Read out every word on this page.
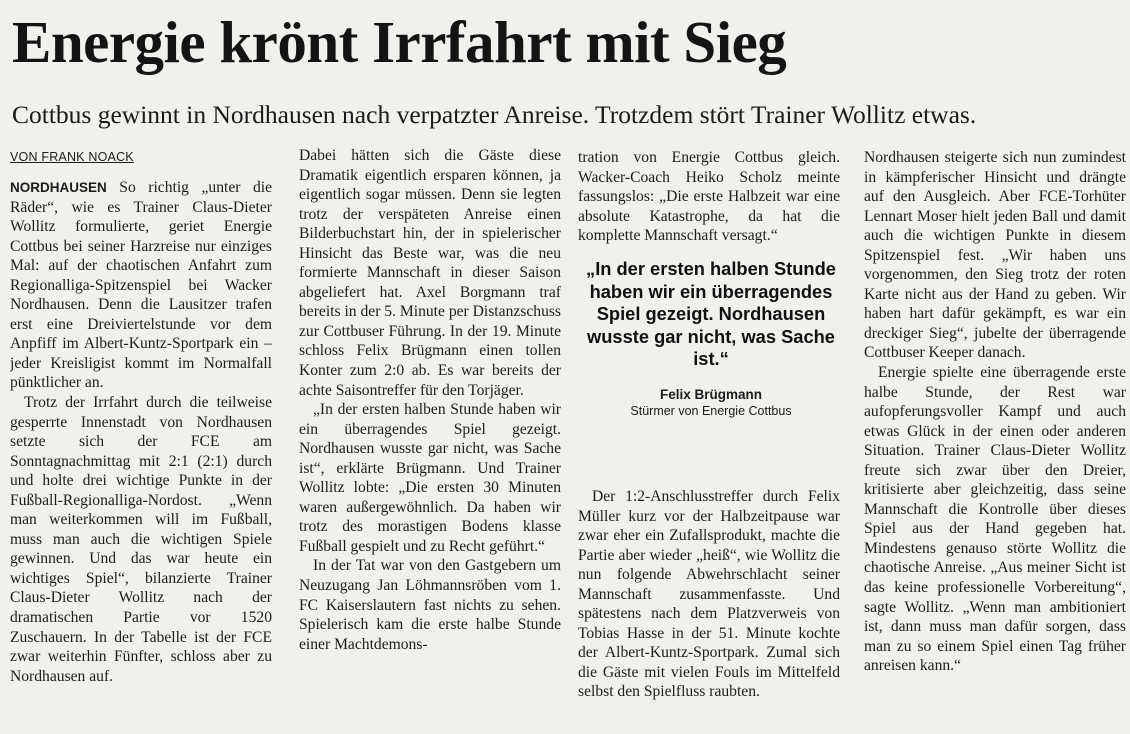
Energie krönt Irrfahrt mit Sieg
Cottbus gewinnt in Nordhausen nach verpatzter Anreise. Trotzdem stört Trainer Wollitz etwas.
VON FRANK NOACK

NORDHAUSEN So richtig „unter die Räder“, wie es Trainer Claus-Dieter Wollitz formulierte, geriet Energie Cottbus bei seiner Harzreise nur einziges Mal: auf der chaotischen Anfahrt zum Regionalliga-Spitzenspiel bei Wacker Nordhausen. Denn die Lausitzer trafen erst eine Dreiviertelstunde vor dem Anpfiff im Albert-Kuntz-Sportpark ein – jeder Kreisligist kommt im Normalfall pünktlicher an.

Trotz der Irrfahrt durch die teilweise gesperrte Innenstadt von Nordhausen setzte sich der FCE am Sonntagnachmittag mit 2:1 (2:1) durch und holte drei wichtige Punkte in der Fußball-Regionalliga-Nordost. „Wenn man weiterkommen will im Fußball, muss man auch die wichtigen Spiele gewinnen. Und das war heute ein wichtiges Spiel“, bilanzierte Trainer Claus-Dieter Wollitz nach der dramatischen Partie vor 1520 Zuschauern. In der Tabelle ist der FCE zwar weiterhin Fünfter, schloss aber zu Nordhausen auf.

Dabei hätten sich die Gäste diese Dramatik eigentlich ersparen können, ja eigentlich sogar müssen. Denn sie legten trotz der verspäteten Anreise einen Bilderbuchstart hin, der in spielerischer Hinsicht das Beste war, was die neu formierte Mannschaft in dieser Saison abgeliefert hat. Axel Borgmann traf bereits in der 5. Minute per Distanzschuss zur Cottbuser Führung. In der 19. Minute schloss Felix Brügmann einen tollen Konter zum 2:0 ab. Es war bereits der achte Saisontreffer für den Torjäger.

„In der ersten halben Stunde haben wir ein überragendes Spiel gezeigt. Nordhausen wusste gar nicht, was Sache ist“, erklärte Brügmann. Und Trainer Wollitz lobte: „Die ersten 30 Minuten waren außergewöhnlich. Da haben wir trotz des morastigen Bodens klasse Fußball gespielt und zu Recht geführt.“

In der Tat war von den Gastgebern um Neuzugang Jan Löhmannsröben vom 1. FC Kaiserslautern fast nichts zu sehen. Spielerisch kam die erste halbe Stunde einer Machtdemons-

tration von Energie Cottbus gleich. Wacker-Coach Heiko Scholz meinte fassungslos: „Die erste Halbzeit war eine absolute Katastrophe, da hat die komplette Mannschaft versagt.“

„In der ersten halben Stunde haben wir ein überragendes Spiel gezeigt. Nordhausen wusste gar nicht, was Sache ist.“
Felix Brügmann
Stürmer von Energie Cottbus

Der 1:2-Anschlusstreffer durch Felix Müller kurz vor der Halbzeitpause war zwar eher ein Zufallsprodukt, machte die Partie aber wieder „heiß“, wie Wollitz die nun folgende Abwehrschlacht seiner Mannschaft zusammenfasste. Und spätestens nach dem Platzverweis von Tobias Hasse in der 51. Minute kochte der Albert-Kuntz-Sportpark. Zumal sich die Gäste mit vielen Fouls im Mittelfeld selbst den Spielfluss raubten.

Nordhausen steigerte sich nun zumindest in kämpferischer Hinsicht und drängte auf den Ausgleich. Aber FCE-Torhüter Lennart Moser hielt jeden Ball und damit auch die wichtigen Punkte in diesem Spitzenspiel fest. „Wir haben uns vorgenommen, den Sieg trotz der roten Karte nicht aus der Hand zu geben. Wir haben hart dafür gekämpft, es war ein dreckiger Sieg“, jubelte der überragende Cottbuser Keeper danach.

Energie spielte eine überragende erste halbe Stunde, der Rest war aufopferungsvoller Kampf und auch etwas Glück in der einen oder anderen Situation. Trainer Claus-Dieter Wollitz freute sich zwar über den Dreier, kritisierte aber gleichzeitig, dass seine Mannschaft die Kontrolle über dieses Spiel aus der Hand gegeben hat. Mindestens genauso störte Wollitz die chaotische Anreise. „Aus meiner Sicht ist das keine professionelle Vorbereitung“, sagte Wollitz. „Wenn man ambitioniert ist, dann muss man dafür sorgen, dass man zu so einem Spiel einen Tag früher anreisen kann.“
